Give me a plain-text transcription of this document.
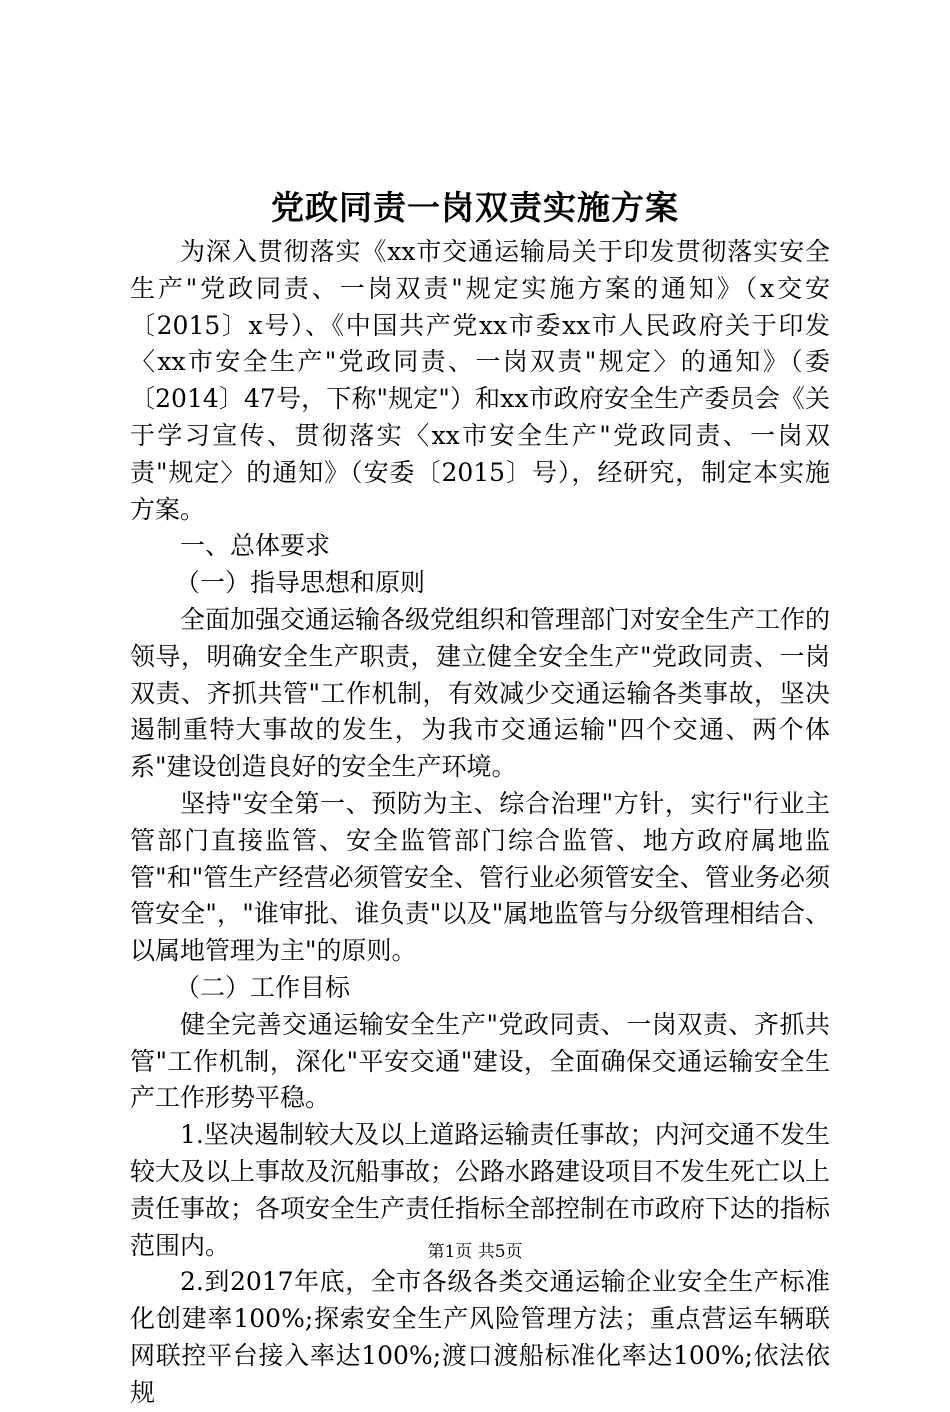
党政同责一岗双责实施方案

为深入贯彻落实《xx市交通运输局关于印发贯彻落实安全生产"党政同责、一岗双责"规定实施方案的通知》（x交安〔2015〕x号）、《中国共产党xx市委xx市人民政府关于印发〈xx市安全生产"党政同责、一岗双责"规定〉的通知》（委〔2014〕47号，下称"规定"）和xx市政府安全生产委员会《关于学习宣传、贯彻落实〈xx市安全生产"党政同责、一岗双责"规定〉的通知》（安委〔2015〕号），经研究，制定本实施方案。

一、总体要求

（一）指导思想和原则

全面加强交通运输各级党组织和管理部门对安全生产工作的领导，明确安全生产职责，建立健全安全生产"党政同责、一岗双责、齐抓共管"工作机制，有效减少交通运输各类事故，坚决遏制重特大事故的发生，为我市交通运输"四个交通、两个体系"建设创造良好的安全生产环境。

坚持"安全第一、预防为主、综合治理"方针，实行"行业主管部门直接监管、安全监管部门综合监管、地方政府属地监管"和"管生产经营必须管安全、管行业必须管安全、管业务必须管安全"，"谁审批、谁负责"以及"属地监管与分级管理相结合、以属地管理为主"的原则。

（二）工作目标

健全完善交通运输安全生产"党政同责、一岗双责、齐抓共管"工作机制，深化"平安交通"建设，全面确保交通运输安全生产工作形势平稳。

1.坚决遏制较大及以上道路运输责任事故；内河交通不发生较大及以上事故及沉船事故；公路水路建设项目不发生死亡以上责任事故；各项安全生产责任指标全部控制在市政府下达的指标范围内。

2.到2017年底，全市各级各类交通运输企业安全生产标准化创建率100%;探索安全生产风险管理方法；重点营运车辆联网联控平台接入率达100%;渡口渡船标准化率达100%;依法依规

第1页 共5页
